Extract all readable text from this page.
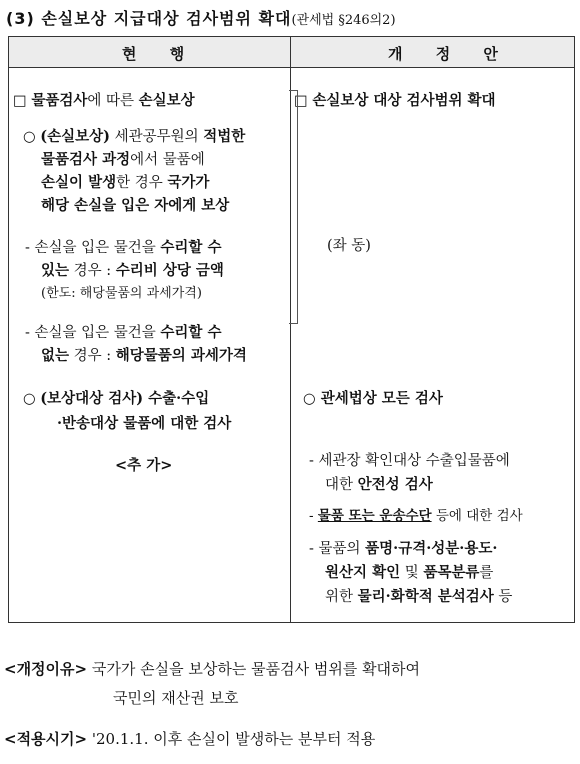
(3) 손실보상 지급대상 검사범위 확대(관세법 §246의2)
현 행	개 정 안
□ 물품검사에 따른 손실보상
○ (손실보상) 세관공무원의 적법한
물품검사 과정에서 물품에
손실이 발생한 경우 국가가
해당 손실을 입은 자에게 보상
- 손실을 입은 물건을 수리할 수
있는 경우 : 수리비 상당 금액
(한도: 해당물품의 과세가격)
- 손실을 입은 물건을 수리할 수
없는 경우 : 해당물품의 과세가격
○ (보상대상 검사) 수출·수입
·반송대상 물품에 대한 검사
<추 가>
□ 손실보상 대상 검사범위 확대
(좌 동)
○ 관세법상 모든 검사
- 세관장 확인대상 수출입물품에
대한 안전성 검사
- 물품 또는 운송수단 등에 대한 검사
- 물품의 품명·규격·성분·용도·
원산지 확인 및 품목분류를
위한 물리·화학적 분석검사 등
<개정이유> 국가가 손실을 보상하는 물품검사 범위를 확대하여
국민의 재산권 보호
<적용시기> '20.1.1. 이후 손실이 발생하는 분부터 적용
